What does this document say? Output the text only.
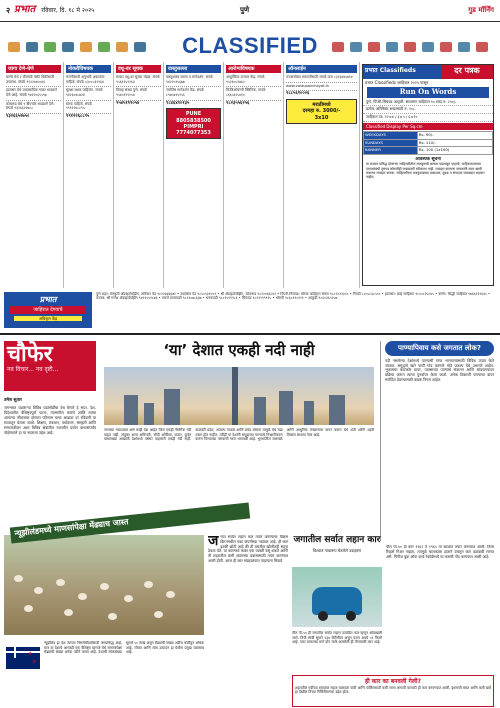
२ प्रभात रविवार, दि. १८ मे २०२५	पुणे	गुड मॉर्निंग
CLASSIFIED
जागा देणे-घेणे
बाणेर येथे २ बीएचके फ्लॅट विक्रीसाठी उपलब्ध. संपर्क ९९२२४४५०६६
हडपसर येथे व्यावसायिक गाळा भाड्याने देणे आहे. संपर्क ९४२२०६५५९७
कोथरूड येथे १ बीएचके भाड्याने देणे. संपर्क ९३२६६२२७८८
९३२६६५२७५०
नोकरीविषयक
कंपनीसाठी अनुभवी अकाउंटंट पाहिजे. संपर्क ८३०८०३९९६४
सुरक्षा रक्षक पाहिजेत. संपर्क ९४२३०४८७२४
स्टाफ पाहिजे. संपर्क ९९१२२६८८९५
९९१२२६८८९५
वधू-वर सूचक
मराठा वधू-वर सूचक मंडळ. संपर्क ९५६११५९२६३
विवाह संस्था पुणे. संपर्क ९५४५११९०५४
९५४५११९०५४
वास्तुसल्ला
वास्तुशास्त्र सल्ला व मार्गदर्शन. संपर्क ९४२२५१५६७७
ज्योतिष मार्गदर्शन केंद्र. संपर्क ८९७५४२५१५६
९८४६४१०१३५
PUNE
8805838500
PIMPRI
7774077353
आरोग्यविषयक
आयुर्वेदिक उपचार केंद्र. संपर्क ९५२६५५१७६०
फिजिओथेरपी क्लिनिक. संपर्क ८६६५६२५४१०
९८२३५५६२५६
ऑनलाईन
तज्ज्ञांसोबत सवलतीसाठी संपर्क करा ८३१३४४५७१४
www.vastupanchayat.in
९८८५६१०००६
मराठीमध्ये
दरमहा रु. 3000/-
3x10
प्रभात Classifieds	दर पत्रक
प्रभात Classifieds जाहिरात २०२५ पासून
Run On Words
पुणे, पिंपरी-चिंचवड आवृत्ती: साधारण जाहिरात १० शब्द रु. २५०/-
प्रत्येक अतिरिक्त शब्दासाठी रु. २०/-
जाहिरात दर: १२×४ / ३×५ / ६×१०
Classified Display Per Sq.cm
WEEKDAYS	Rs. 90/-
SUNDAYS	Rs. 110/-
BANNER	Rs. 100 (1x100)
आवश्यक सूचना
या सदरात प्रसिद्ध होणाऱ्या जाहिरातीतील मजकुराची सत्यता पडताळून पाहावी. जाहिरातदाराच्या दाव्यासंबंधी वृत्तपत्र कोणतीही जबाबदारी स्वीकारत नाही. व्यवहार करताना वाचकांनी स्वतः खात्री करूनच व्यवहार करावा. जाहिरातींच्या मजकुराबाबत प्रकाशक, मुद्रक व संपादक जबाबदार राहणार नाहीत.
प्रभात
जाहिरात देण्याचे
अधिकृत केंद्र
पुणे शहर: संस्कृती अ‍ॅडव्हर्टायझिंग, शनिवार पेठ ९८२२४४४६७२ • सदाशिव पेठ ९८५०५३१००२ • श्री अ‍ॅडव्हर्टायझिंग, कोथरूड ९८२२०६६८४२ • पिंपरी-चिंचवड: मोरया जाहिरात संस्था ९८८१२२२३०० • निगडी ८८०५८३८५०० • हडपसर: साई जाहिरात ९८५०८२५८४५ • बाणेर: सिद्धी जाहिरात ९७६६२१२६४५ • कात्रज: श्री गणेश अ‍ॅडव्हर्टायझिंग ९४२२०५१८७३ • वारजे माळवाडी ९८२२०७८६३७ • धनकवडी ९८८१०९९१८३ • चिंचवड ९८२२१९९९९५ • भोसरी ९८६०११०१२१ • आकुर्डी ९८६०३६५२०७
चौफेर
नव विचार... नव दृष्टी...
उमेश सुतार
जगभरात घडणाऱ्या विविध घडामोडींचा वेध घेणारे हे सदर. देश-विदेशातील वैशिष्ट्यपूर्ण घटना, त्यामागील कारणे आणि त्यांचा आपल्या जीवनावर होणारा परिणाम याचा आढावा दर रविवारी या सदरातून घेतला जातो. शिक्षण, तंत्रज्ञान, पर्यावरण, संस्कृती आणि समाजजीवन अशा विविध क्षेत्रांतील नवनवीन प्रयोग वाचकांपर्यंत पोहोचवणे हा या सदराचा उद्देश आहे.
‘या’ देशात एकही नदी नाही
जगाच्या नकाशावर असे काही देश आहेत जिथे एकही नैसर्गिक नदी वाहत नाही. संयुक्त अरब अमिराती, सौदी अरेबिया, कतार, कुवेत यांसारख्या आखाती देशांमध्ये वर्षभर वाहणारी एकही नदी नाही. वाळवंटी प्रदेश, अत्यल्प पाऊस आणि प्रचंड उष्णता यामुळे येथे नद्या तयार होत नाहीत. तरीही या देशांनी समुद्राच्या पाण्याचे निःक्षारीकरण करून पिण्याच्या पाण्याची गरज भागवली आहे. भूगर्भातील जलसाठे आणि आधुनिक तंत्रज्ञानाचा वापर करून येथे शेती आणि शहरी विकास साधला गेला आहे.
पाण्यापिवाय कसे जगतात लोक?
नदी नसलेल्या देशांमध्ये पाण्याची गरज भागवण्यासाठी विविध उपाय केले जातात. समुद्राचे खारे पाणी गोड करणारे मोठे प्रकल्प येथे उभारले आहेत. भूजलाचा काटेकोर वापर, पावसाच्या पाण्याचे संकलन आणि सांडपाण्यावर प्रक्रिया करून त्याचा पुनर्वापर केला जातो. अनेक ठिकाणी पाण्याचा वापर मर्यादित ठेवण्यासाठी कडक नियम आहेत.
न्यूझीलंडमध्ये माणसांपेक्षा मेंढ्याच जास्त
★
★
न्यूझीलंड हा देश त्याच्या निसर्गसौंदर्यासाठी जगप्रसिद्ध आहे. मात्र या देशाचे आणखी एक वैशिष्ट्य म्हणजे येथे माणसांपेक्षा मेंढ्यांची संख्या अनेक पटीने जास्त आहे. देशाची लोकसंख्या सुमारे ५० लाख असून मेंढ्यांची संख्या अडीच कोटींहून अधिक आहे. लोकर आणि मांस उत्पादन हा येथील प्रमुख व्यवसाय आहे.
ज गात सर्वात लहान कार तयार करण्याचा विक्रम ब्रिटनमधील एका कंपनीच्या नावावर आहे. ही कार इतकी छोटी आहे की ती घरातील खोलीतही सहज ठेवता येते. या कारमध्ये फक्त एक व्यक्ती बसू शकते आणि ती शहरातील कमी अंतराच्या प्रवासासाठी तयार करण्यात आली होती. आज ही कार संग्रहालयात पाहायला मिळते.
जगातील सर्वात लहान कार
विश्वात नावारूप घेतलेले उदाहरण
पील पी-५० ही जगातील सर्वात लहान उत्पादित कार म्हणून ओळखली जाते. तिची लांबी सुमारे १३४ सेंटीमीटर असून वजन अवघे ५९ किलो आहे. एका चाकाच्या मागे दोन चाके असलेली ही तीनचाकी कार आहे.
पील पी-५० ही कार १९६२ ते १९६५ या काळात तयार करण्यात आली. तिला रिव्हर्स गिअर नव्हता, त्यामुळे चालकाला हाताने उचलून कार वळवावी लागत असे. गिनीज बुक ऑफ वर्ल्ड रेकॉर्डमध्ये या कारची नोंद करण्यात आली आहे.
ही कार का बनवली गेली?
शहरातील गर्दीच्या रस्त्यांवर सहज चालवता यावी आणि पार्किंगसाठी कमी जागा लागावी यासाठी ही कार बनवण्यात आली. इंधनाची बचत आणि कमी खर्च हा देखील तिच्या निर्मितीमागचा उद्देश होता.
